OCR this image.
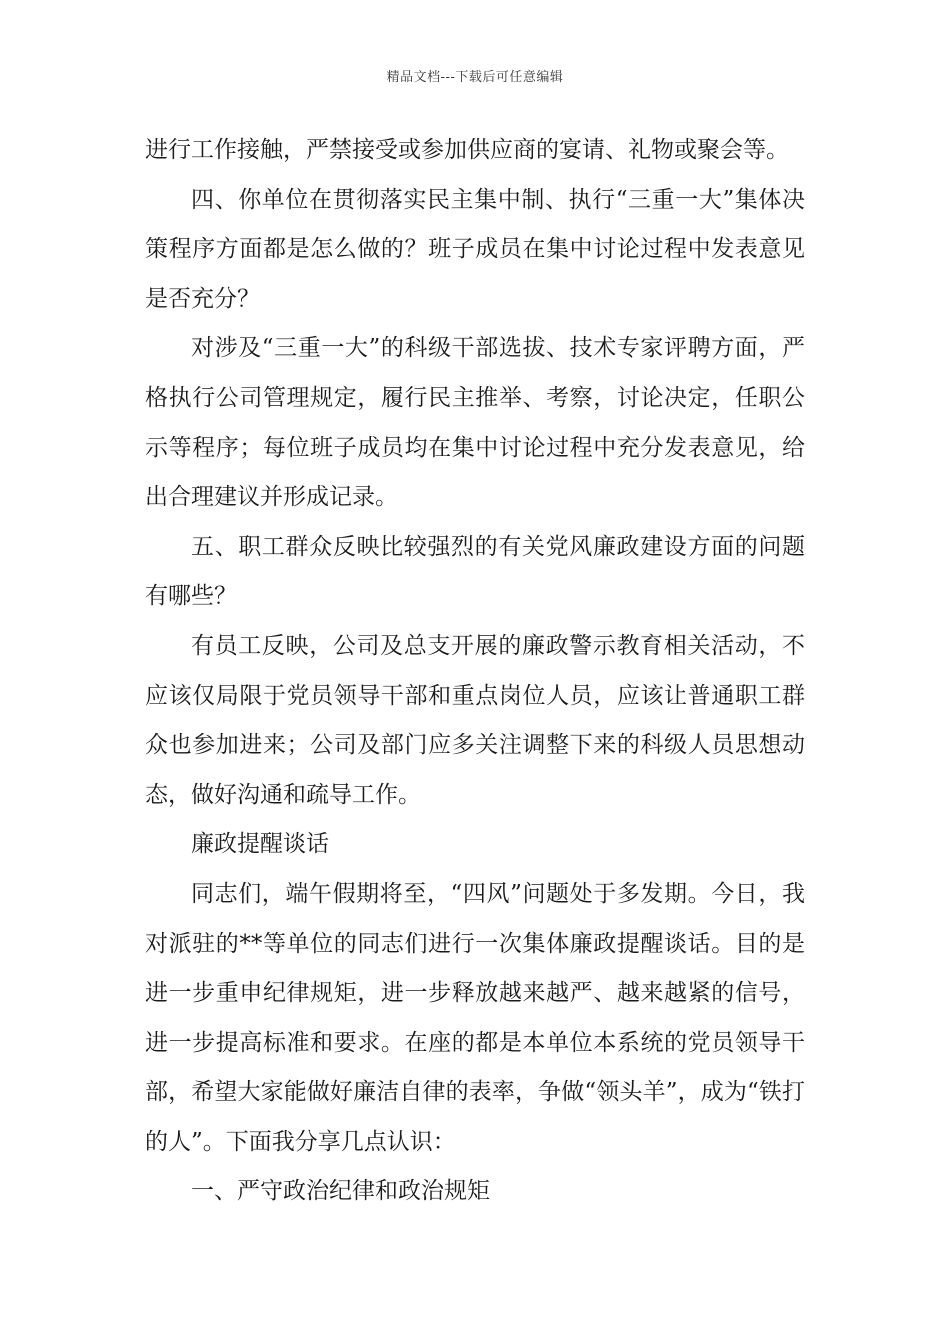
精品文档---下载后可任意编辑

进行工作接触，严禁接受或参加供应商的宴请、礼物或聚会等。

四、你单位在贯彻落实民主集中制、执行“三重一大”集体决策程序方面都是怎么做的？班子成员在集中讨论过程中发表意见是否充分？

对涉及“三重一大”的科级干部选拔、技术专家评聘方面，严格执行公司管理规定，履行民主推举、考察，讨论决定，任职公示等程序；每位班子成员均在集中讨论过程中充分发表意见，给出合理建议并形成记录。

五、职工群众反映比较强烈的有关党风廉政建设方面的问题有哪些？

有员工反映，公司及总支开展的廉政警示教育相关活动，不应该仅局限于党员领导干部和重点岗位人员，应该让普通职工群众也参加进来；公司及部门应多关注调整下来的科级人员思想动态，做好沟通和疏导工作。

廉政提醒谈话

同志们，端午假期将至，“四风”问题处于多发期。今日，我对派驻的**等单位的同志们进行一次集体廉政提醒谈话。目的是进一步重申纪律规矩，进一步释放越来越严、越来越紧的信号，进一步提高标准和要求。在座的都是本单位本系统的党员领导干部，希望大家能做好廉洁自律的表率，争做“领头羊”，成为“铁打的人”。下面我分享几点认识：

一、严守政治纪律和政治规矩
